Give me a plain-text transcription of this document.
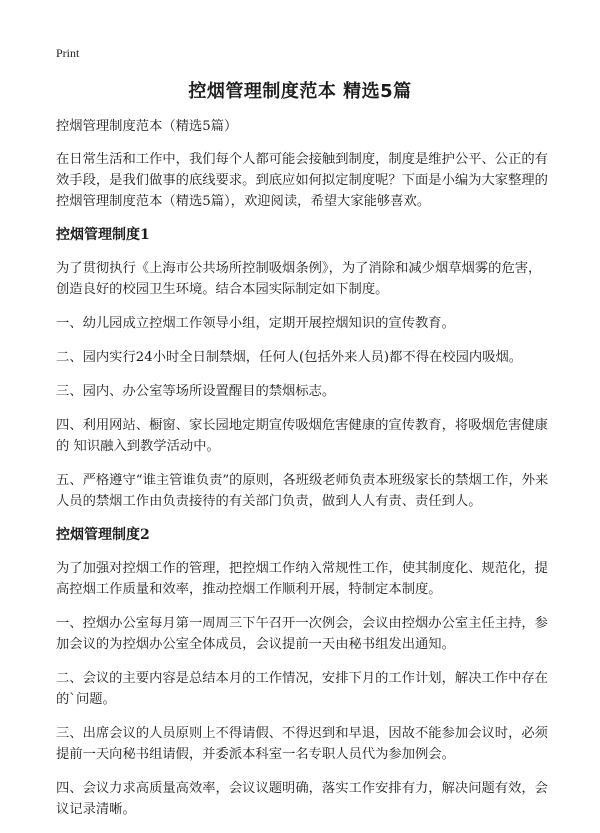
Print
控烟管理制度范本 精选5篇

控烟管理制度范本（精选5篇）

在日常生活和工作中，我们每个人都可能会接触到制度，制度是维护公平、公正的有效手段，是我们做事的底线要求。到底应如何拟定制度呢？下面是小编为大家整理的控烟管理制度范本（精选5篇），欢迎阅读，希望大家能够喜欢。

控烟管理制度1

为了贯彻执行《上海市公共场所控制吸烟条例》，为了消除和减少烟草烟雾的危害，创造良好的校园卫生环境。结合本园实际制定如下制度。

一、幼儿园成立控烟工作领导小组，定期开展控烟知识的宣传教育。

二、园内实行24小时全日制禁烟，任何人(包括外来人员)都不得在校园内吸烟。

三、园内、办公室等场所设置醒目的禁烟标志。

四、利用网站、橱窗、家长园地定期宣传吸烟危害健康的宣传教育，将吸烟危害健康的 知识融入到教学活动中。

五、严格遵守“谁主管谁负责”的原则，各班级老师负责本班级家长的禁烟工作，外来人员的禁烟工作由负责接待的有关部门负责，做到人人有责、责任到人。

控烟管理制度2

为了加强对控烟工作的管理，把控烟工作纳入常规性工作，使其制度化、规范化，提高控烟工作质量和效率，推动控烟工作顺利开展，特制定本制度。

一、控烟办公室每月第一周周三下午召开一次例会，会议由控烟办公室主任主持，参加会议的为控烟办公室全体成员，会议提前一天由秘书组发出通知。

二、会议的主要内容是总结本月的工作情况，安排下月的工作计划，解决工作中存在的`问题。

三、出席会议的人员原则上不得请假、不得迟到和早退，因故不能参加会议时，必须提前一天向秘书组请假，并委派本科室一名专职人员代为参加例会。

四、会议力求高质量高效率，会议议题明确，落实工作安排有力，解决问题有效，会议记录清晰。
